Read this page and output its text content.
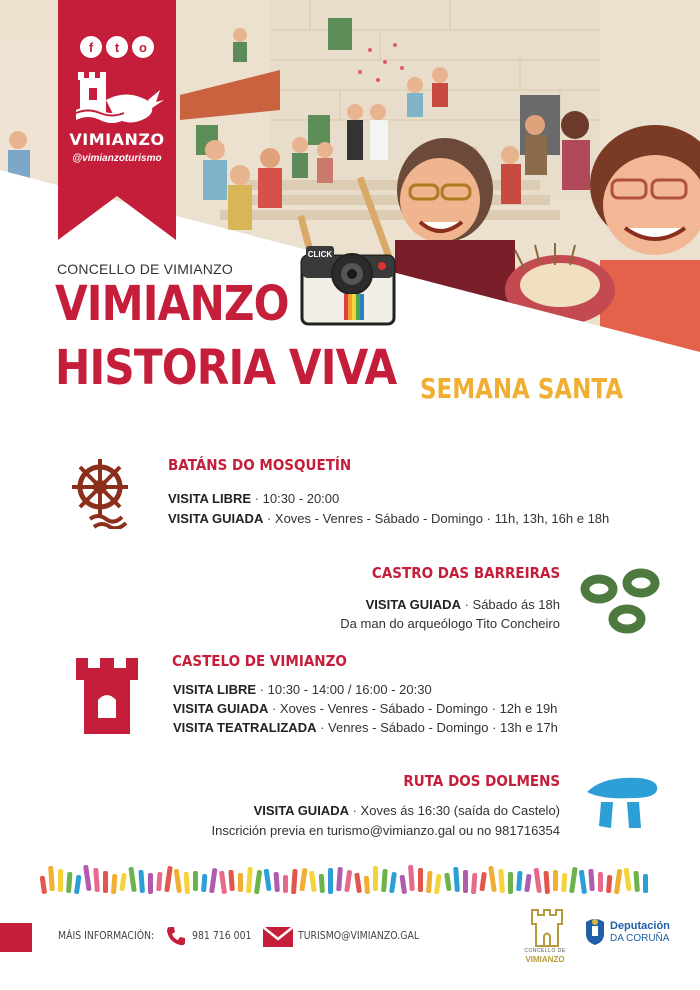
f	t	o
VIMIANZO
@vimianzoturismo
CLICK
CONCELLO DE VIMIANZO
VIMIANZO
HISTORIA VIVA SEMANA SANTA
BATÁNS DO MOSQUETÍN
VISITA LIBRE · 10:30 - 20:00
VISITA GUIADA · Xoves - Venres - Sábado - Domingo · 11h, 13h, 16h e 18h
CASTRO DAS BARREIRAS
VISITA GUIADA · Sábado ás 18h
Da man do arqueólogo Tito Concheiro
CASTELO DE VIMIANZO
VISITA LIBRE · 10:30 - 14:00 / 16:00 - 20:30
VISITA GUIADA · Xoves - Venres - Sábado - Domingo · 12h e 19h
VISITA TEATRALIZADA · Venres - Sábado - Domingo · 13h e 17h
RUTA DOS DOLMENS
VISITA GUIADA · Xoves ás 16:30 (saída do Castelo)
Inscrición previa en turismo@vimianzo.gal ou no 981716354
MÁIS INFORMACIÓN:	981 716 001	TURISMO@VIMIANZO.GAL
CONCELLO DE
VIMIANZO
Deputación
DA CORUÑA
